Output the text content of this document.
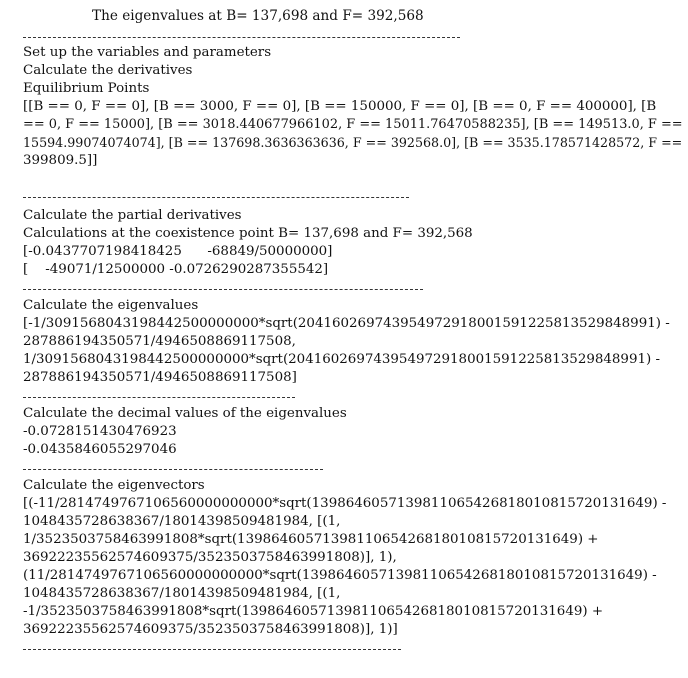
The eigenvalues at B= 137,698 and F= 392,568
Set up the variables and parameters
Calculate the derivatives
Equilibrium Points
[[B == 0, F == 0], [B == 3000, F == 0], [B == 150000, F == 0], [B == 0, F == 400000], [B
== 0, F == 15000], [B == 3018.440677966102, F == 15011.76470588235], [B == 149513.0, F ==
15594.99074074074], [B == 137698.3636363636, F == 392568.0], [B == 3535.178571428572, F ==
399809.5]]
Calculate the partial derivatives
Calculations at the coexistence point B= 137,698 and F= 392,568
[-0.0437707198418425      -68849/50000000]
[    -49071/12500000 -0.0726290287355542]
Calculate the eigenvalues
[-1/3091568043198442500000000*sqrt(204160269743954972918001591225813529848991) -
287886194350571/4946508869117508,
1/3091568043198442500000000*sqrt(204160269743954972918001591225813529848991) -
287886194350571/4946508869117508]
Calculate the decimal values of the eigenvalues
-0.0728151430476923
-0.0435846055297046
Calculate the eigenvectors
[(-11/2814749767106560000000000*sqrt(1398646057139811065426818010815720131649) -
1048435728638367/18014398509481984, [(1,
1/3523503758463991808*sqrt(1398646057139811065426818010815720131649) +
36922235562574609375/3523503758463991808)], 1),
(11/2814749767106560000000000*sqrt(1398646057139811065426818010815720131649) -
1048435728638367/18014398509481984, [(1,
-1/3523503758463991808*sqrt(1398646057139811065426818010815720131649) +
36922235562574609375/3523503758463991808)], 1)]
